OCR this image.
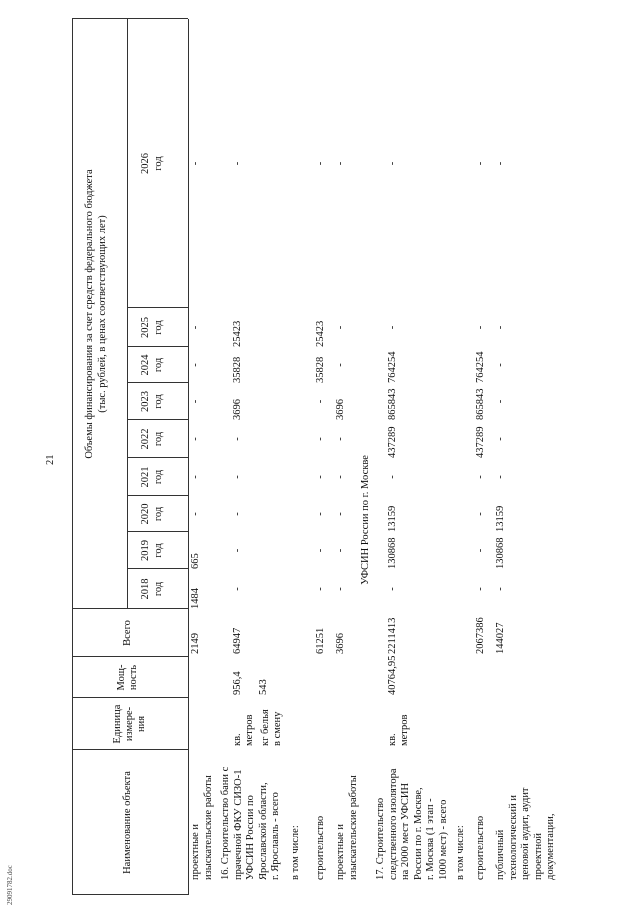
21
Наименование объекта
Единица измере- ния
Мощ- ность
Всего
Объемы финансирования за счет средств федерального бюджета (тыс. рублей, в ценах соответствующих лет)
2018 год
2019 год
2020 год
2021 год
2022 год
2023 год
2024 год
2025 год
2026 год
проектные и изыскательские работы
2149
1484
665
-
-
-
-
-
-
-
16. Строительство бани с прачечной ФКУ СИЗО-1 УФСИН России по Ярославской области, г. Ярославль - всего
кв. метров кг белья в смену
956,4 543
64947
-
-
-
-
-
3696
35828
25423
-
в том числе: строительство
61251
-
-
-
-
-
-
35828
25423
-
проектные и изыскательские работы
3696
-
-
-
-
-
3696
-
-
-
УФСИН России по г. Москве
17. Строительство следственного изолятора на 2000 мест УФСИН России по г. Москве, г. Москва (1 этап - 1000 мест) - всего
кв. метров
40764,95
2211413
-
130868
13159
-
437289
865843
764254
-
-
в том числе: строительство
2067386
-
-
-
-
437289
865843
764254
-
-
публичный технологический и ценовой аудит, аудит проектной документации,
144027
-
130868
13159
-
-
-
-
-
-
29091782.doc
